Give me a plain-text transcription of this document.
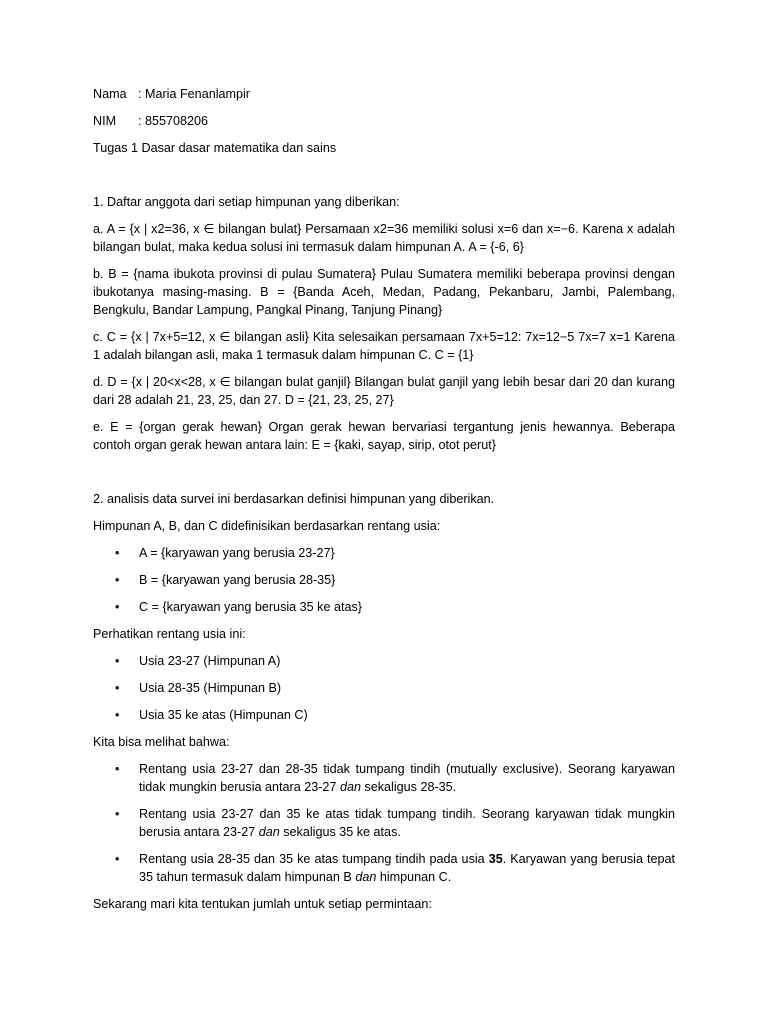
Nama : Maria Fenanlampir
NIM	: 855708206

Tugas 1 Dasar dasar matematika dan sains

1. Daftar anggota dari setiap himpunan yang diberikan:

a. A = {x | x2=36, x ∈ bilangan bulat} Persamaan x2=36 memiliki solusi x=6 dan x=−6. Karena x adalah bilangan bulat, maka kedua solusi ini termasuk dalam himpunan A. A = {-6, 6}

b. B = {nama ibukota provinsi di pulau Sumatera} Pulau Sumatera memiliki beberapa provinsi dengan ibukotanya masing-masing. B = {Banda Aceh, Medan, Padang, Pekanbaru, Jambi, Palembang, Bengkulu, Bandar Lampung, Pangkal Pinang, Tanjung Pinang}

c. C = {x | 7x+5=12, x ∈ bilangan asli} Kita selesaikan persamaan 7x+5=12: 7x=12−5 7x=7 x=1 Karena 1 adalah bilangan asli, maka 1 termasuk dalam himpunan C. C = {1}

d. D = {x | 20<x<28, x ∈ bilangan bulat ganjil} Bilangan bulat ganjil yang lebih besar dari 20 dan kurang dari 28 adalah 21, 23, 25, dan 27. D = {21, 23, 25, 27}

e. E = {organ gerak hewan} Organ gerak hewan bervariasi tergantung jenis hewannya. Beberapa contoh organ gerak hewan antara lain: E = {kaki, sayap, sirip, otot perut}

2. analisis data survei ini berdasarkan definisi himpunan yang diberikan.

Himpunan A, B, dan C didefinisikan berdasarkan rentang usia:

• A = {karyawan yang berusia 23-27}
• B = {karyawan yang berusia 28-35}
• C = {karyawan yang berusia 35 ke atas}

Perhatikan rentang usia ini:

• Usia 23-27 (Himpunan A)
• Usia 28-35 (Himpunan B)
• Usia 35 ke atas (Himpunan C)

Kita bisa melihat bahwa:

• Rentang usia 23-27 dan 28-35 tidak tumpang tindih (mutually exclusive). Seorang karyawan tidak mungkin berusia antara 23-27 dan sekaligus 28-35.
• Rentang usia 23-27 dan 35 ke atas tidak tumpang tindih. Seorang karyawan tidak mungkin berusia antara 23-27 dan sekaligus 35 ke atas.
• Rentang usia 28-35 dan 35 ke atas tumpang tindih pada usia 35. Karyawan yang berusia tepat 35 tahun termasuk dalam himpunan B dan himpunan C.

Sekarang mari kita tentukan jumlah untuk setiap permintaan:
